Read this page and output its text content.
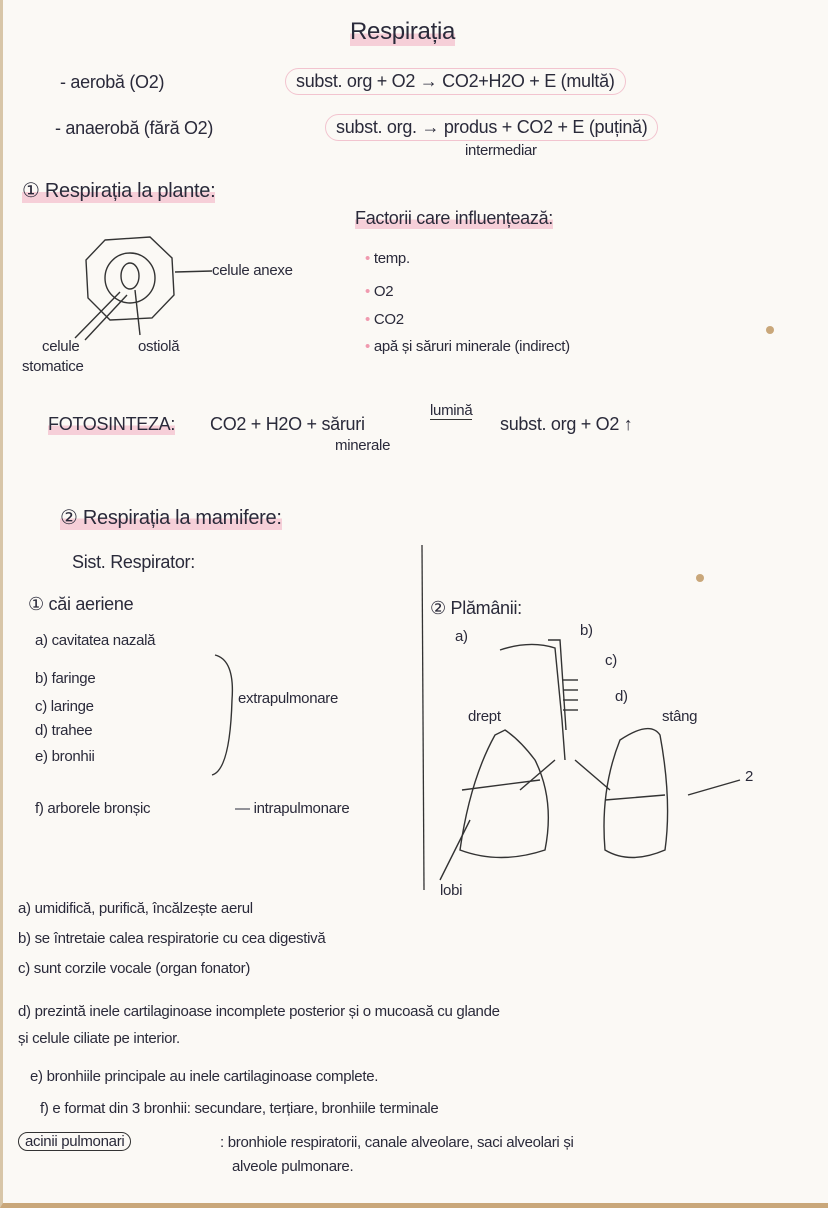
Respirația
- aerobă (O2)	subst. org + O2 → CO2+H2O + E (multă)
- anaerobă (fără O2)	subst. org. → produs + CO2 + E (puțină)
intermediar
① Respirația la plante:
celule anexe
celule
stomatice
ostiolă
Factorii care influențează:
• temp.
• O2
• CO2
• apă și săruri minerale (indirect)
FOTOSINTEZA: CO2 + H2O + săruri
minerale
lumină
subst. org + O2 ↑
② Respirația la mamifere:
Sist. Respirator:
① căi aeriene
a) cavitatea nazală
b) faringe
c) laringe
d) trahee
e) bronhii
extrapulmonare
f) arborele bronșic	— intrapulmonare
② Plămânii:
a)	b)
c)
d)
drept	stâng
2
lobi
a) umidifică, purifică, încălzește aerul
b) se întretaie calea respiratorie cu cea digestivă
c) sunt corzile vocale (organ fonator)
d) prezintă inele cartilaginoase incomplete posterior și o mucoasă cu glande
și celule ciliate pe interior.
e) bronhiile principale au inele cartilaginoase complete.
f) e format din 3 bronhii: secundare, terțiare, bronhiile terminale
acinii pulmonari	: bronhiole respiratorii, canale alveolare, saci alveolari și
alveole pulmonare.
